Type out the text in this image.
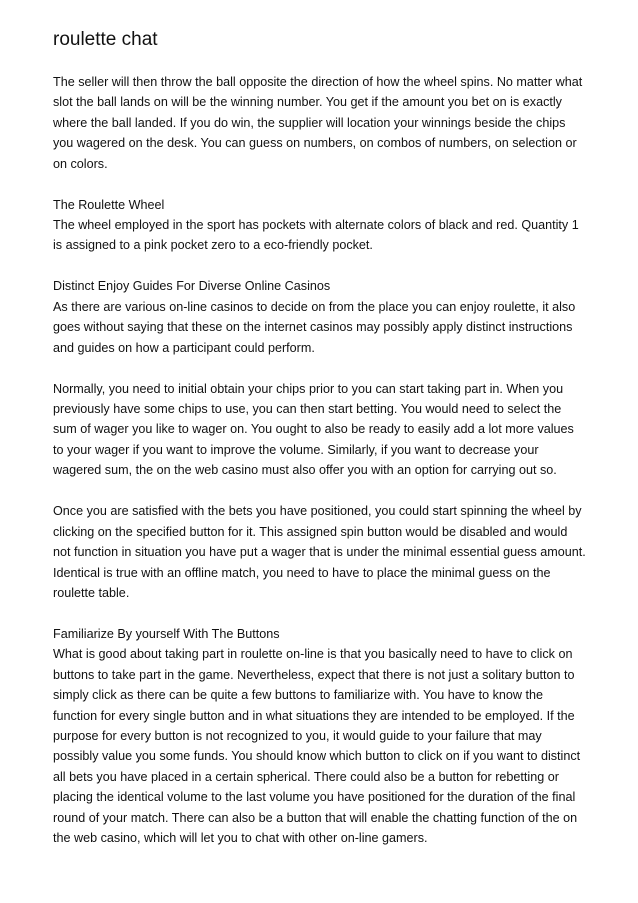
roulette chat
The seller will then throw the ball opposite the direction of how the wheel spins. No matter what slot the ball lands on will be the winning number. You get if the amount you bet on is exactly where the ball landed. If you do win, the supplier will location your winnings beside the chips you wagered on the desk. You can guess on numbers, on combos of numbers, on selection or on colors.
The Roulette Wheel
The wheel employed in the sport has pockets with alternate colors of black and red. Quantity 1 is assigned to a pink pocket zero to a eco-friendly pocket.
Distinct Enjoy Guides For Diverse Online Casinos
As there are various on-line casinos to decide on from the place you can enjoy roulette, it also goes without saying that these on the internet casinos may possibly apply distinct instructions and guides on how a participant could perform.
Normally, you need to initial obtain your chips prior to you can start taking part in. When you previously have some chips to use, you can then start betting. You would need to select the sum of wager you like to wager on. You ought to also be ready to easily add a lot more values to your wager if you want to improve the volume. Similarly, if you want to decrease your wagered sum, the on the web casino must also offer you with an option for carrying out so.
Once you are satisfied with the bets you have positioned, you could start spinning the wheel by clicking on the specified button for it. This assigned spin button would be disabled and would not function in situation you have put a wager that is under the minimal essential guess amount. Identical is true with an offline match, you need to have to place the minimal guess on the roulette table.
Familiarize By yourself With The Buttons
What is good about taking part in roulette on-line is that you basically need to have to click on buttons to take part in the game. Nevertheless, expect that there is not just a solitary button to simply click as there can be quite a few buttons to familiarize with. You have to know the function for every single button and in what situations they are intended to be employed. If the purpose for every button is not recognized to you, it would guide to your failure that may possibly value you some funds. You should know which button to click on if you want to distinct all bets you have placed in a certain spherical. There could also be a button for rebetting or placing the identical volume to the last volume you have positioned for the duration of the final round of your match. There can also be a button that will enable the chatting function of the on the web casino, which will let you to chat with other on-line gamers.
